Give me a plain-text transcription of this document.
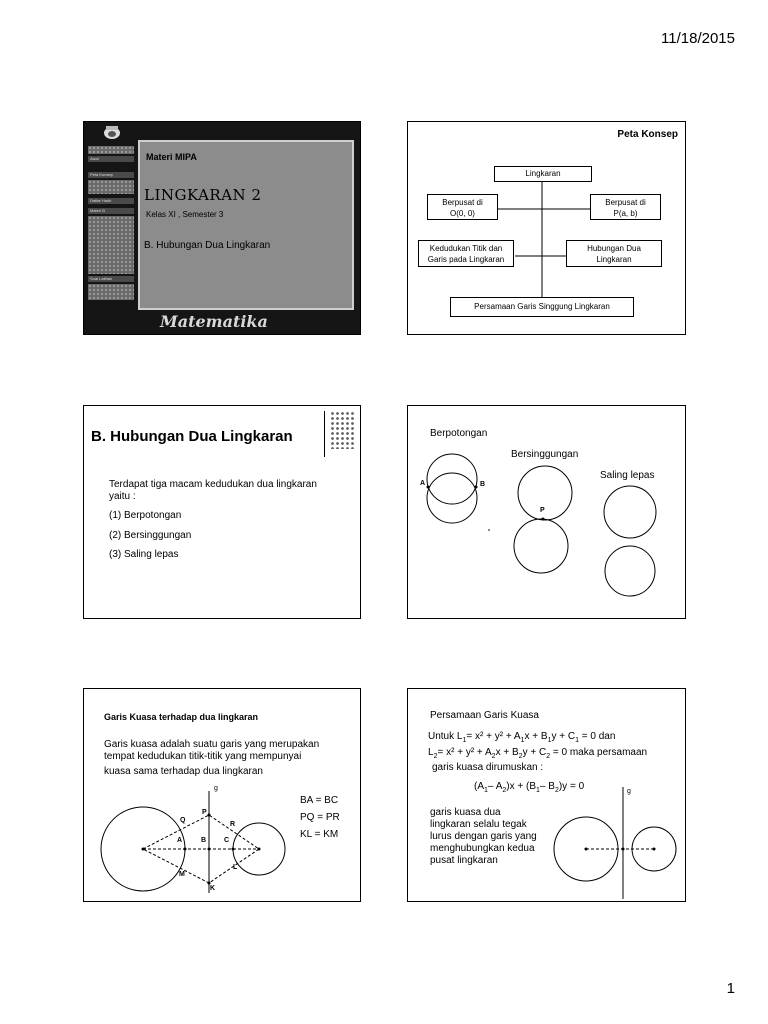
11/18/2015
1
Awal
Peta Konsep
Daftar Hadir
Materi B
Soal Latihan
Materi MIPA
LINGKARAN 2
Kelas XI , Semester 3
B. Hubungan Dua Lingkaran
Matematika
Peta Konsep
Lingkaran
Berpusat di
O(0, 0)
Berpusat di
P(a, b)
Kedudukan Titik dan
Garis pada Lingkaran
Hubungan Dua
Lingkaran
Persamaan Garis Singgung Lingkaran
B. Hubungan Dua Lingkaran
Terdapat tiga macam kedudukan dua lingkaran
yaitu :
(1) Berpotongan
(2) Bersinggungan
(3) Saling lepas
Berpotongan
Bersinggungan
Saling lepas
A	B
P
Garis Kuasa terhadap dua lingkaran
Garis kuasa adalah suatu garis yang merupakan
tempat kedudukan titik-titik yang mempunyai
kuasa sama terhadap dua lingkaran
g
P
Q
R
A	B	C
M
L
K
BA = BC
PQ = PR
KL = KM
Persamaan Garis Kuasa
Untuk $L_1= x^2 + y^2 + A_1x + B_1y + C_1 = 0$ dan
$L_2= x^2 + y^2 + A_2x + B_2y + C_2 = 0$ maka persamaan
garis kuasa dirumuskan :
($A_1-$ $A_2)x + (B_1-$ $B_2)y = 0$
garis kuasa dua
lingkaran selalu tegak
lurus dengan garis yang
menghubungkan kedua
pusat lingkaran
g
